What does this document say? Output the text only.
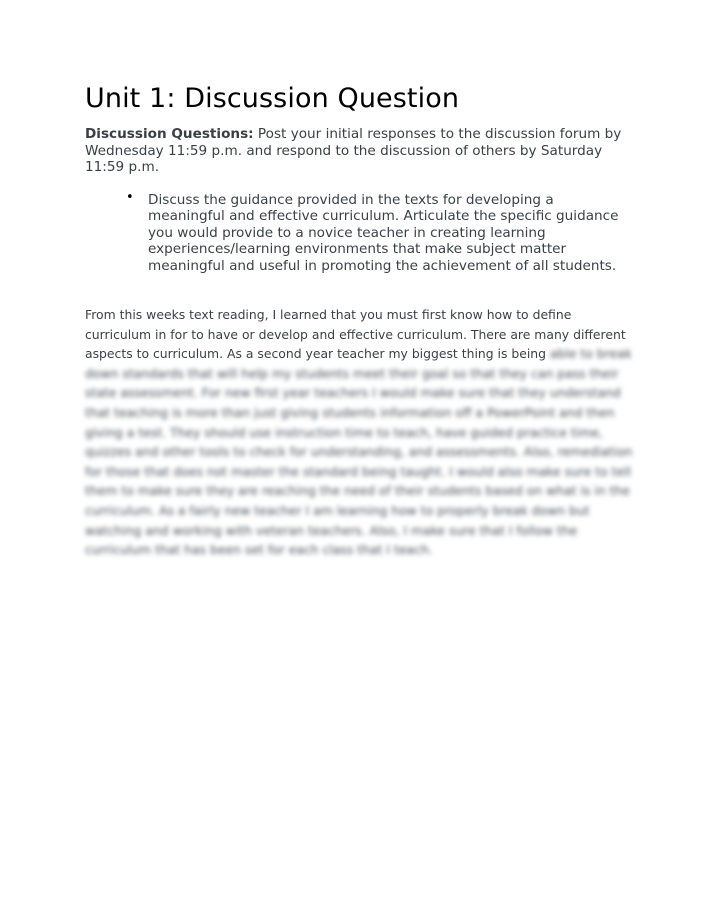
Unit 1: Discussion Question

Discussion Questions: Post your initial responses to the discussion forum by Wednesday 11:59 p.m. and respond to the discussion of others by Saturday 11:59 p.m.

• Discuss the guidance provided in the texts for developing a meaningful and effective curriculum. Articulate the specific guidance you would provide to a novice teacher in creating learning experiences/learning environments that make subject matter meaningful and useful in promoting the achievement of all students.

From this weeks text reading, I learned that you must first know how to define curriculum in for to have or develop and effective curriculum. There are many different aspects to curriculum. As a second year teacher my biggest thing is being able to break down standards that will help my students meet their goal so that they can pass their state assessment. For new first year teachers I would make sure that they understand that teaching is more than just giving students information off a PowerPoint and then giving a test. They should use instruction time to teach, have guided practice time, quizzes and other tools to check for understanding, and assessments. Also, remediation for those that does not master the standard being taught. I would also make sure to tell them to make sure they are reaching the need of their students based on what is in the curriculum. As a fairly new teacher I am learning how to properly break down but watching and working with veteran teachers. Also, I make sure that I follow the curriculum that has been set for each class that I teach.
